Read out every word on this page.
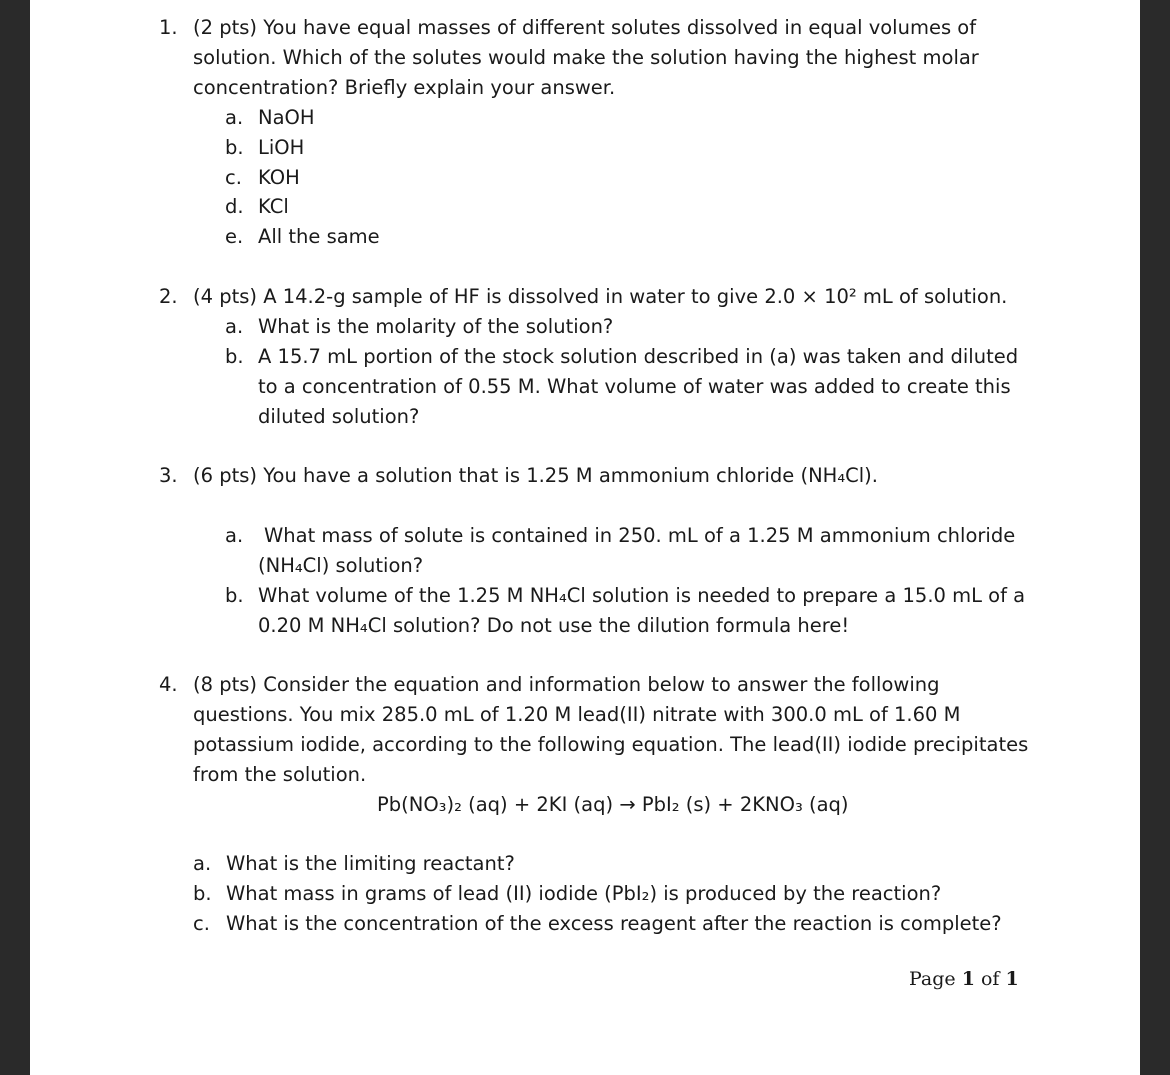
1. (2 pts) You have equal masses of different solutes dissolved in equal volumes of
solution. Which of the solutes would make the solution having the highest molar
concentration? Briefly explain your answer.
a. NaOH
b. LiOH
c. KOH
d. KCl
e. All the same
2. (4 pts) A 14.2-g sample of HF is dissolved in water to give 2.0 × 10² mL of solution.
a. What is the molarity of the solution?
b. A 15.7 mL portion of the stock solution described in (a) was taken and diluted
to a concentration of 0.55 M. What volume of water was added to create this
diluted solution?
3. (6 pts) You have a solution that is 1.25 M ammonium chloride (NH₄Cl).
a. What mass of solute is contained in 250. mL of a 1.25 M ammonium chloride
(NH₄Cl) solution?
b. What volume of the 1.25 M NH₄Cl solution is needed to prepare a 15.0 mL of a
0.20 M NH₄Cl solution? Do not use the dilution formula here!
4. (8 pts) Consider the equation and information below to answer the following
questions. You mix 285.0 mL of 1.20 M lead(II) nitrate with 300.0 mL of 1.60 M
potassium iodide, according to the following equation. The lead(II) iodide precipitates
from the solution.
Pb(NO₃)₂ (aq) + 2KI (aq) → PbI₂ (s) + 2KNO₃ (aq)
a. What is the limiting reactant?
b. What mass in grams of lead (II) iodide (PbI₂) is produced by the reaction?
c. What is the concentration of the excess reagent after the reaction is complete?
Page 1 of 1
